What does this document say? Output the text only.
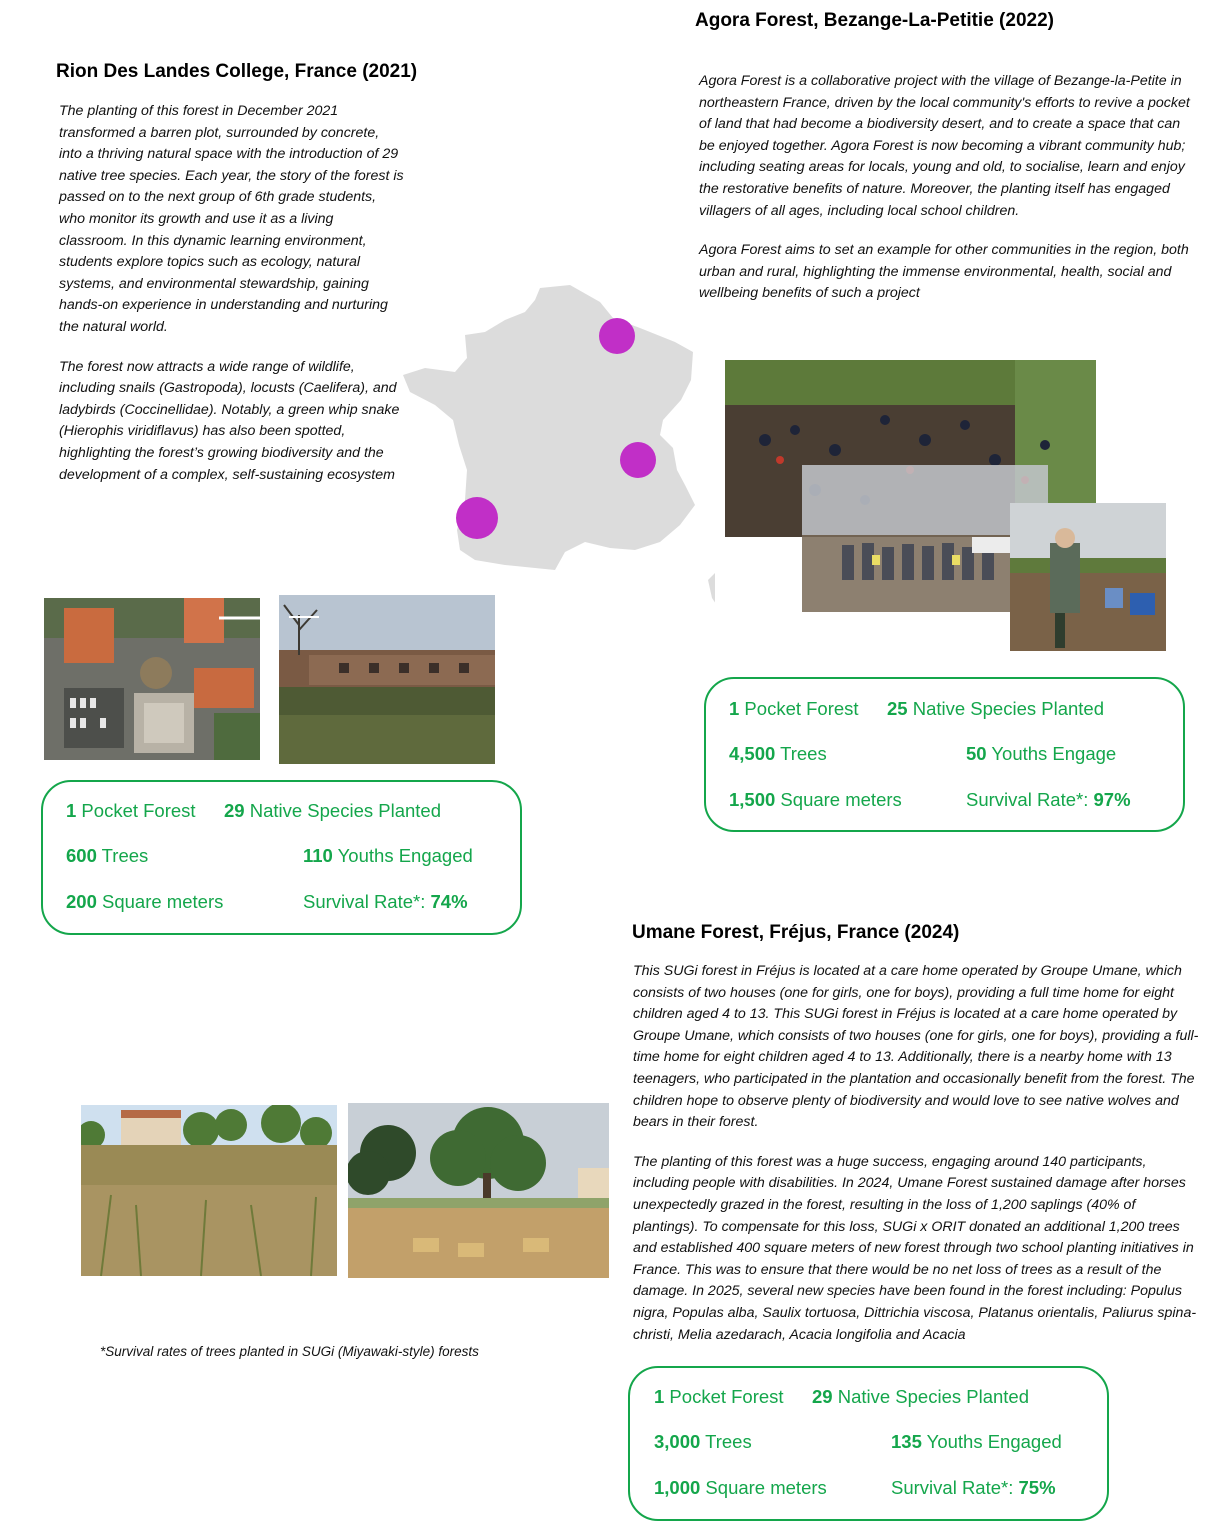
Rion Des Landes College, France (2021)

The planting of this forest in December 2021 transformed a barren plot, surrounded by concrete, into a thriving natural space with the introduction of 29 native tree species. Each year, the story of the forest is passed on to the next group of 6th grade students, who monitor its growth and use it as a living classroom. In this dynamic learning environment, students explore topics such as ecology, natural systems, and environmental stewardship, gaining hands-on experience in understanding and nurturing the natural world.

The forest now attracts a wide range of wildlife, including snails (Gastropoda), locusts (Caelifera), and ladybirds (Coccinellidae). Notably, a green whip snake (Hierophis viridiflavus) has also been spotted, highlighting the forest’s growing biodiversity and the development of a complex, self-sustaining ecosystem

1 Pocket Forest 29 Native Species Planted
600 Trees	110 Youths Engaged
200 Square meters	Survival Rate*: 74%
Agora Forest, Bezange-La-Petitie (2022)

Agora Forest is a collaborative project with the village of Bezange-la-Petite in northeastern France, driven by the local community's efforts to revive a pocket of land that had become a biodiversity desert, and to create a space that can be enjoyed together. Agora Forest is now becoming a vibrant community hub; including seating areas for locals, young and old, to socialise, learn and enjoy the restorative benefits of nature. Moreover, the planting itself has engaged villagers of all ages, including local school children.

Agora Forest aims to set an example for other communities in the region, both urban and rural, highlighting the immense environmental, health, social and wellbeing benefits of such a project

1 Pocket Forest 25 Native Species Planted
4,500 Trees	50 Youths Engage
1,500 Square meters	Survival Rate*: 97%
Umane Forest, Fréjus, France (2024)

This SUGi forest in Fréjus is located at a care home operated by Groupe Umane, which consists of two houses (one for girls, one for boys), providing a full time home for eight children aged 4 to 13. This SUGi forest in Fréjus is located at a care home operated by Groupe Umane, which consists of two houses (one for girls, one for boys), providing a full-time home for eight children aged 4 to 13. Additionally, there is a nearby home with 13 teenagers, who participated in the plantation and occasionally benefit from the forest. The children hope to observe plenty of biodiversity and would love to see native wolves and bears in their forest.

The planting of this forest was a huge success, engaging around 140 participants, including people with disabilities. In 2024, Umane Forest sustained damage after horses unexpectedly grazed in the forest, resulting in the loss of 1,200 saplings (40% of plantings). To compensate for this loss, SUGi x ORIT donated an additional 1,200 trees and established 400 square meters of new forest through two school planting initiatives in France. This was to ensure that there would be no net loss of trees as a result of the damage. In 2025, several new species have been found in the forest including: Populus nigra, Populas alba, Saulix tortuosa, Dittrichia viscosa, Platanus orientalis, Paliurus spina-christi, Melia azedarach, Acacia longifolia and Acacia

*Survival rates of trees planted in SUGi (Miyawaki-style) forests
1 Pocket Forest 29 Native Species Planted
3,000 Trees	135 Youths Engaged
1,000 Square meters	Survival Rate*: 75%
